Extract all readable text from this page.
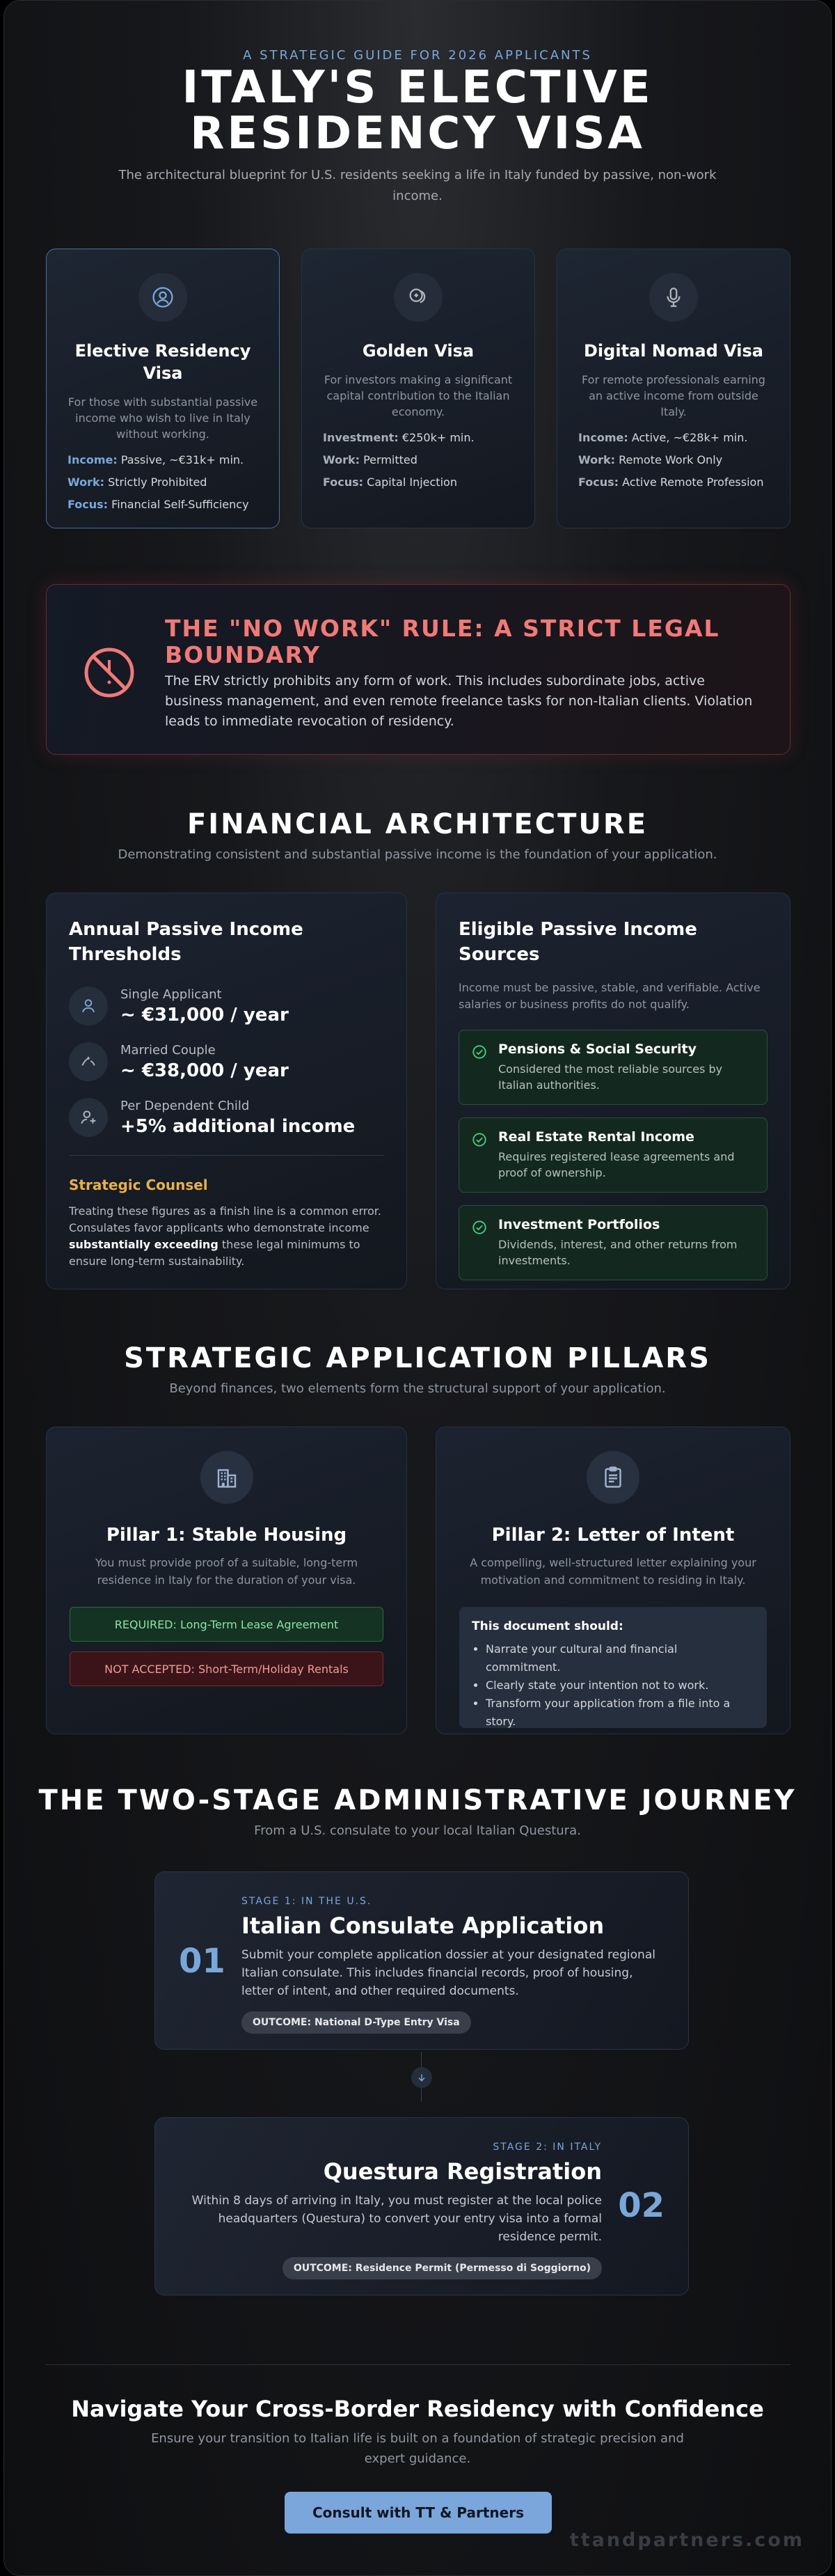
A STRATEGIC GUIDE FOR 2026 APPLICANTS
ITALY'S ELECTIVE RESIDENCY VISA

The architectural blueprint for U.S. residents seeking a life in Italy funded by passive, non-work income.

Elective Residency Visa
For those with substantial passive income who wish to live in Italy without working.
Income: Passive, ~€31k+ min.
Work: Strictly Prohibited
Focus: Financial Self-Sufficiency
Golden Visa
For investors making a significant capital contribution to the Italian economy.
Investment: €250k+ min.
Work: Permitted
Focus: Capital Injection
Digital Nomad Visa
For remote professionals earning an active income from outside Italy.
Income: Active, ~€28k+ min.
Work: Remote Work Only
Focus: Active Remote Profession
THE "NO WORK" RULE: A STRICT LEGAL BOUNDARY
The ERV strictly prohibits any form of work. This includes subordinate jobs, active business management, and even remote freelance tasks for non-Italian clients. Violation leads to immediate revocation of residency.
FINANCIAL ARCHITECTURE
Demonstrating consistent and substantial passive income is the foundation of your application.
Annual Passive Income Thresholds
Single Applicant
~ €31,000 / year
Married Couple
~ €38,000 / year
Per Dependent Child
+5% additional income
Strategic Counsel
Treating these figures as a finish line is a common error. Consulates favor applicants who demonstrate income substantially exceeding these legal minimums to ensure long-term sustainability.
Eligible Passive Income Sources
Income must be passive, stable, and verifiable. Active salaries or business profits do not qualify.
Pensions & Social Security
Considered the most reliable sources by Italian authorities.
Real Estate Rental Income
Requires registered lease agreements and proof of ownership.
Investment Portfolios
Dividends, interest, and other returns from investments.
STRATEGIC APPLICATION PILLARS
Beyond finances, two elements form the structural support of your application.
Pillar 1: Stable Housing
You must provide proof of a suitable, long-term residence in Italy for the duration of your visa.
REQUIRED: Long-Term Lease Agreement
NOT ACCEPTED: Short-Term/Holiday Rentals
Pillar 2: Letter of Intent
A compelling, well-structured letter explaining your motivation and commitment to residing in Italy.
This document should:
• Narrate your cultural and financial commitment.
• Clearly state your intention not to work.
• Transform your application from a file into a story.
THE TWO-STAGE ADMINISTRATIVE JOURNEY
From a U.S. consulate to your local Italian Questura.
01
STAGE 1: IN THE U.S.
Italian Consulate Application
Submit your complete application dossier at your designated regional Italian consulate. This includes financial records, proof of housing, letter of intent, and other required documents.
OUTCOME: National D-Type Entry Visa
02
STAGE 2: IN ITALY
Questura Registration
Within 8 days of arriving in Italy, you must register at the local police headquarters (Questura) to convert your entry visa into a formal residence permit.
OUTCOME: Residence Permit (Permesso di Soggiorno)
Navigate Your Cross-Border Residency with Confidence
Ensure your transition to Italian life is built on a foundation of strategic precision and expert guidance.
Consult with TT & Partners
ttandpartners.com
